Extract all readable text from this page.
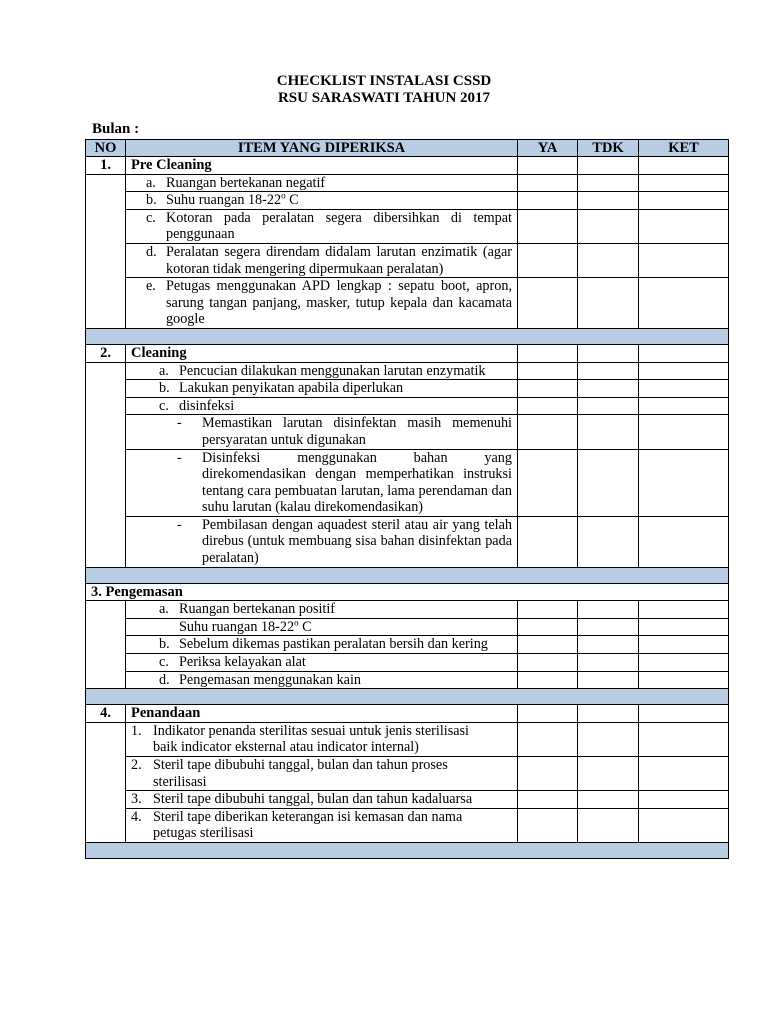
CHECKLIST INSTALASI CSSD
RSU SARASWATI TAHUN 2017
Bulan :
NO	ITEM YANG DIPERIKSA	YA	TDK	KET
1.	Pre Cleaning			

	a. Ruangan bertekanan negatif			

	b. Suhu ruangan 18-22$^o$ C			

	c. Kotoran pada peralatan segera dibersihkan di tempat penggunaan			

	d. Peralatan segera direndam didalam larutan enzimatik (agar kotoran tidak mengering dipermukaan peralatan)			

	e. Petugas menggunakan APD lengkap : sepatu boot, apron, sarung tangan panjang, masker, tutup kepala dan kacamata google			

2.	Cleaning			

	a. Pencucian dilakukan menggunakan larutan enzymatik			

	b. Lakukan penyikatan apabila diperlukan			

	c. disinfeksi			

	- Memastikan larutan disinfektan masih memenuhi persyaratan untuk digunakan			

	- Disinfeksi menggunakan bahan yang direkomendasikan dengan memperhatikan instruksi tentang cara pembuatan larutan, lama perendaman dan suhu larutan (kalau direkomendasikan)			

	- Pembilasan dengan aquadest steril atau air yang telah direbus (untuk membuang sisa bahan disinfektan pada peralatan)			

3. Pengemasan				

	a. Ruangan bertekanan positif			

	Suhu ruangan 18-22$^o$ C			

	b. Sebelum dikemas pastikan peralatan bersih dan kering			

	c. Periksa kelayakan alat			

	d. Pengemasan menggunakan kain			

4.	Penandaan			

	1. Indikator penanda sterilitas sesuai untuk jenis sterilisasi baik indicator eksternal atau indicator internal)			

	2. Steril tape dibubuhi tanggal, bulan dan tahun proses sterilisasi			

	3. Steril tape dibubuhi tanggal, bulan dan tahun kadaluarsa			

	4. Steril tape diberikan keterangan isi kemasan dan nama petugas sterilisasi			
